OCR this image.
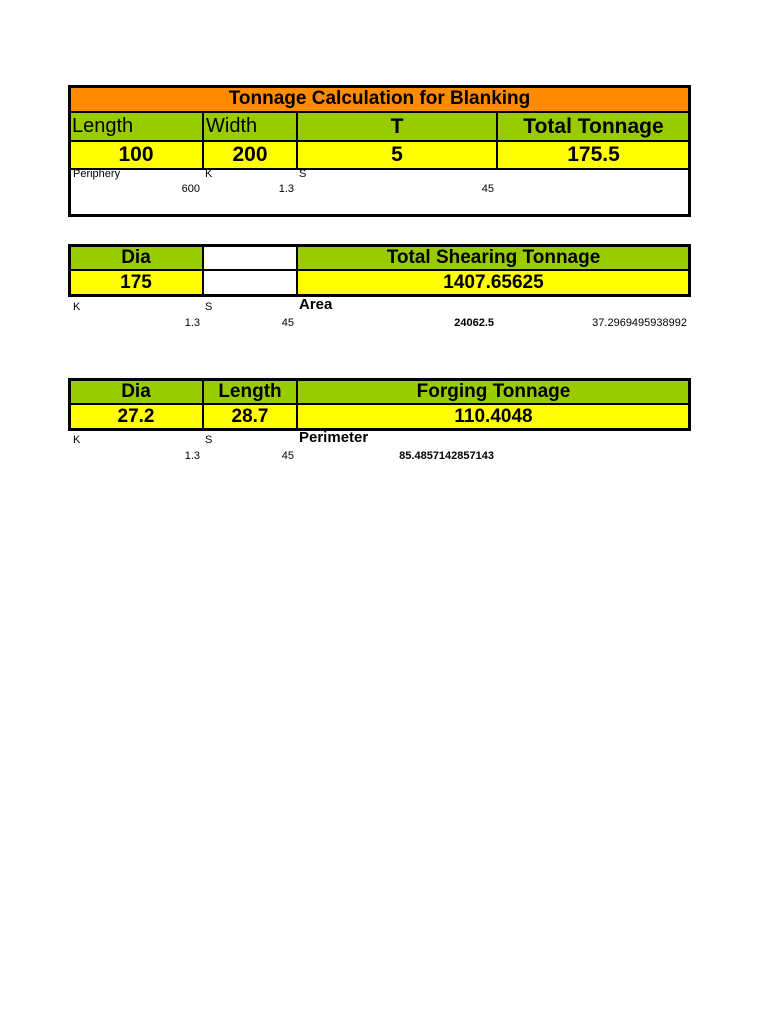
Tonnage Calculation for Blanking
Length	Width	T	Total Tonnage
100	200	5	175.5
Periphery	K	S
600	1.3	45
Dia	Total Shearing Tonnage
175	1407.65625
K	S	Area
1.3	45	24062.5	37.2969495938992
Dia	Length	Forging Tonnage
27.2	28.7	110.4048
K	S	Perimeter
1.3	45	85.4857142857143
